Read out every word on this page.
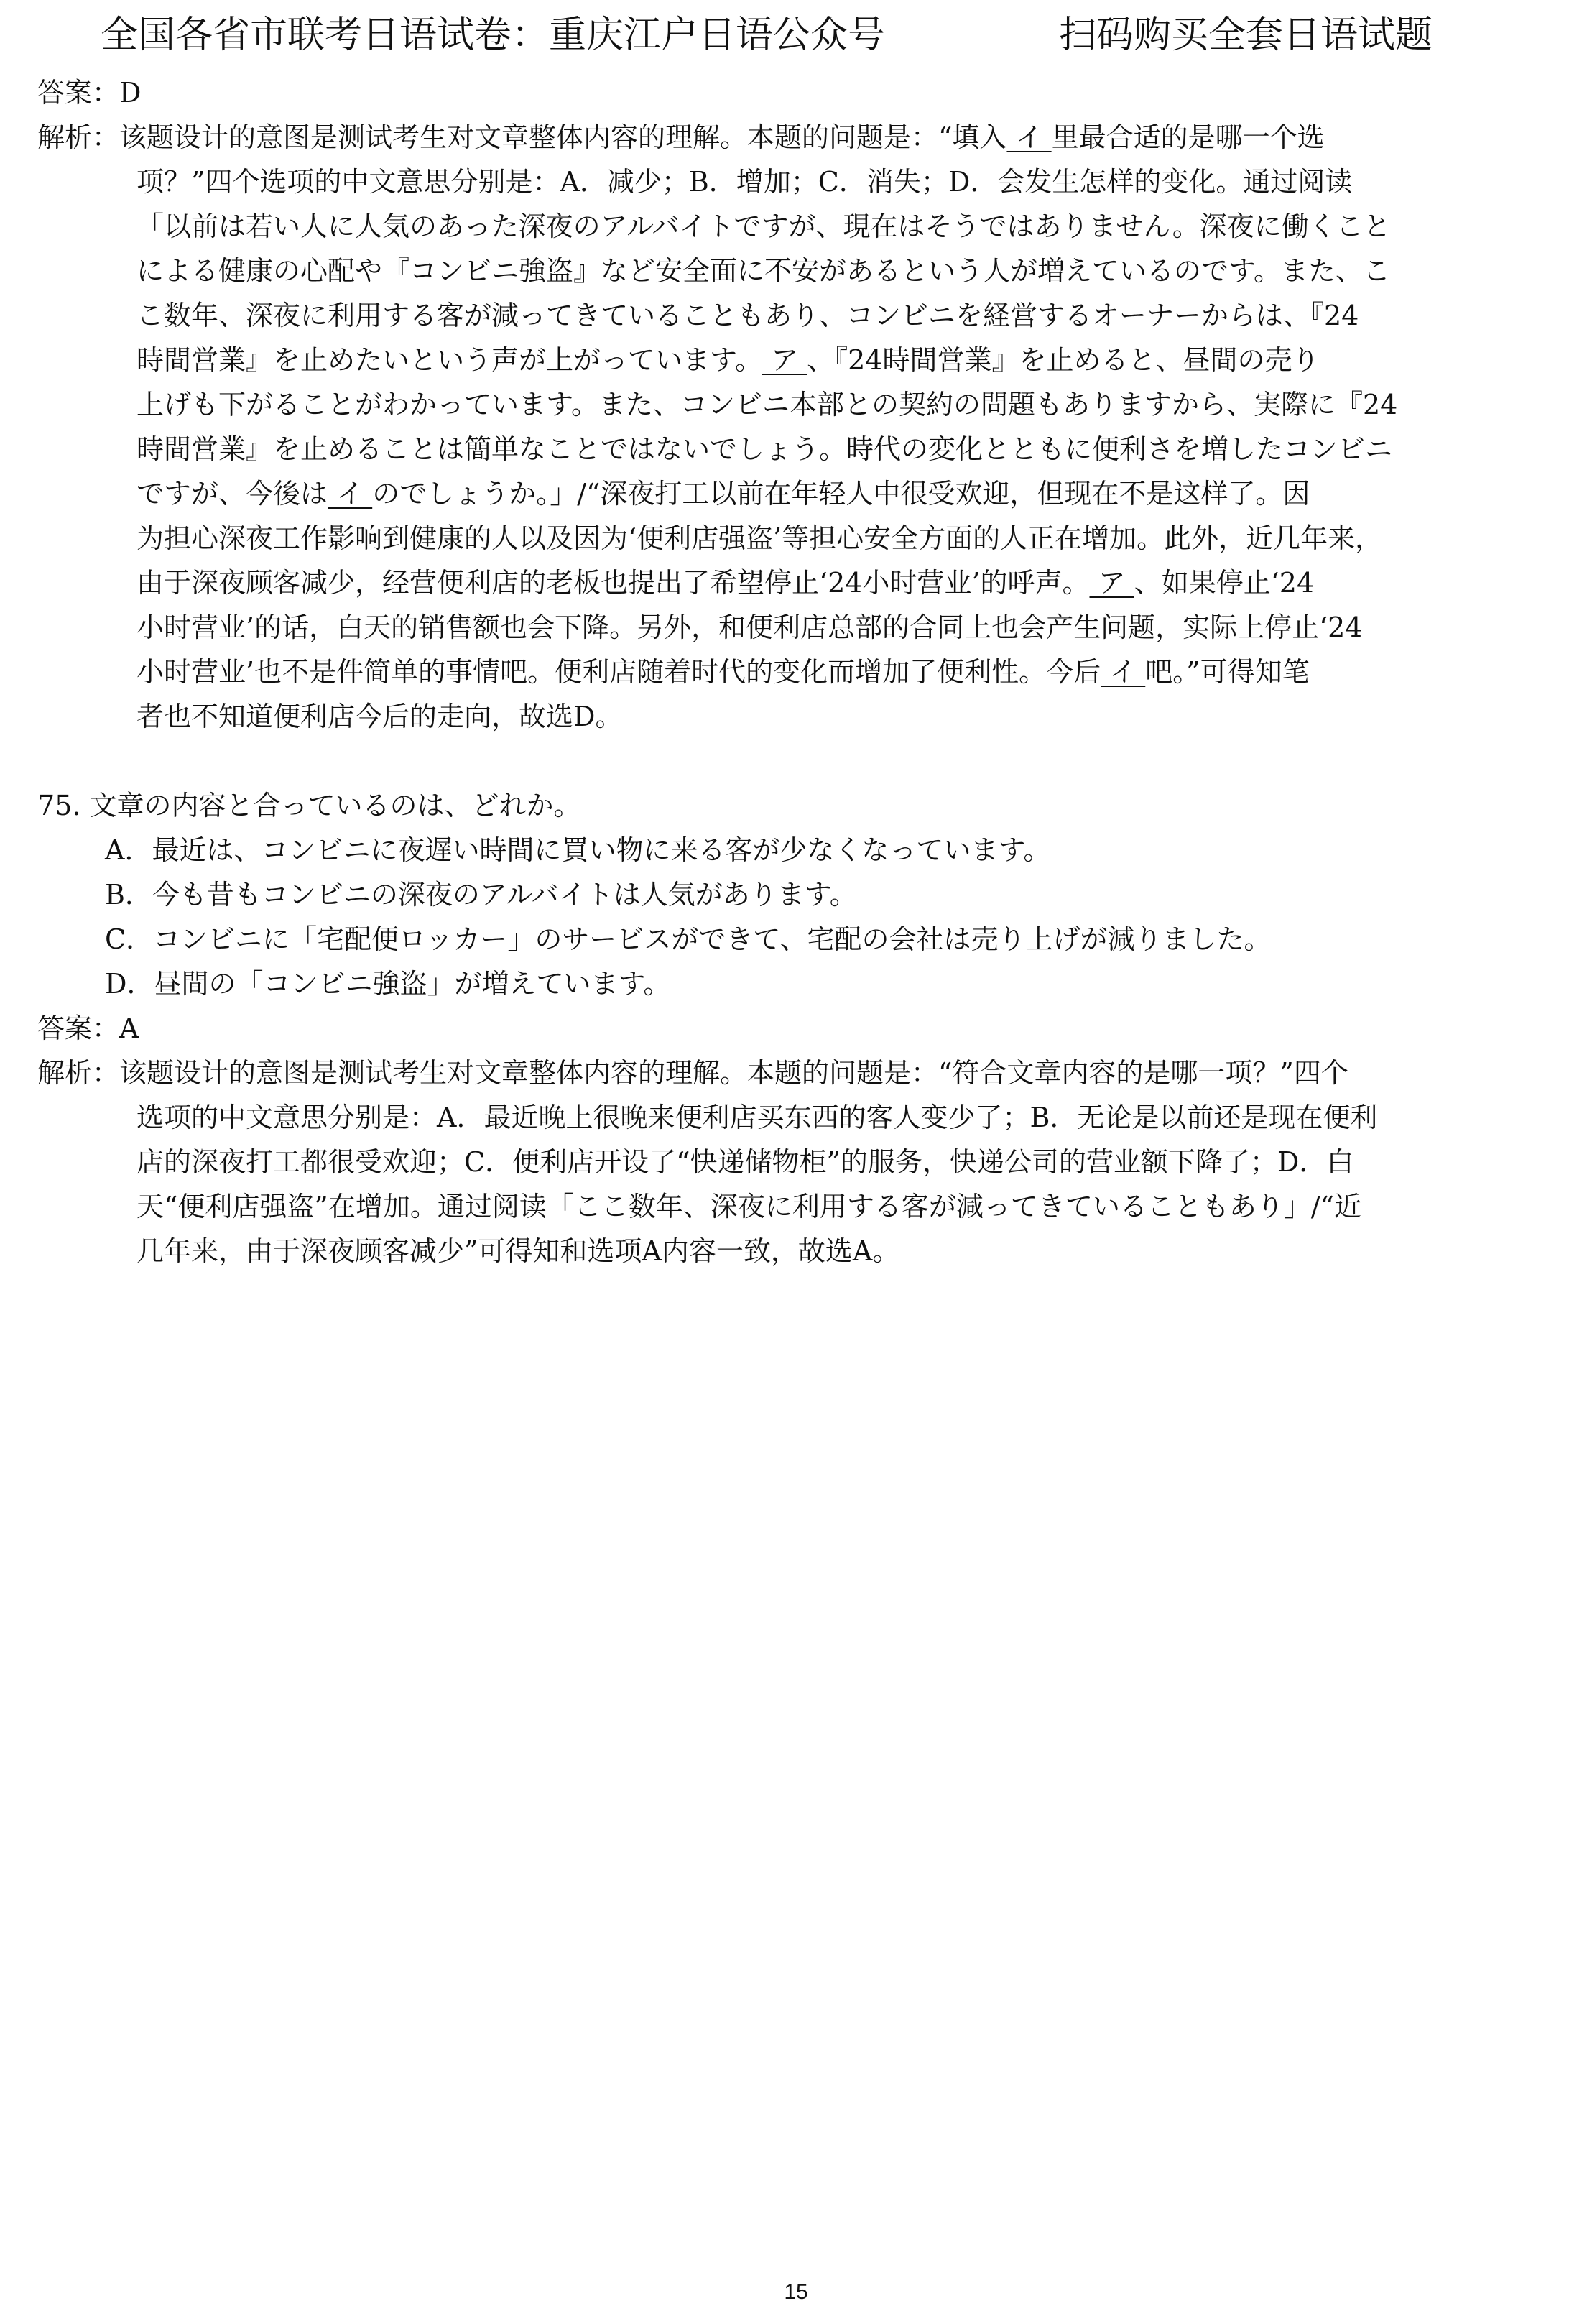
全国各省市联考日语试卷：重庆江户日语公众号	扫码购买全套日语试题
答案：D
解析：该题设计的意图是测试考生对文章整体内容的理解。本题的问题是：“填入 イ 里最合适的是哪一个选
项？”四个选项的中文意思分别是：A．减少；B．增加；C．消失；D．会发生怎样的变化。通过阅读
「以前は若い人に人気のあった深夜のアルバイトですが、現在はそうではありません。深夜に働くこと
による健康の心配や『コンビニ強盗』など安全面に不安があるという人が増えているのです。また、こ
こ数年、深夜に利用する客が減ってきていることもあり、コンビニを経営するオーナーからは、『24
時間営業』を止めたいという声が上がっています。 ア 、『24時間営業』を止めると、昼間の売り
上げも下がることがわかっています。また、コンビニ本部との契約の問題もありますから、実際に『24
時間営業』を止めることは簡単なことではないでしょう。時代の変化とともに便利さを増したコンビニ
ですが、今後は イ のでしょうか。」/“深夜打工以前在年轻人中很受欢迎，但现在不是这样了。因
为担心深夜工作影响到健康的人以及因为‘便利店强盗’等担心安全方面的人正在增加。此外，近几年来，
由于深夜顾客减少，经营便利店的老板也提出了希望停止‘24小时营业’的呼声。 ア 、如果停止‘24
小时营业’的话，白天的销售额也会下降。另外，和便利店总部的合同上也会产生问题，实际上停止‘24
小时营业’也不是件简单的事情吧。便利店随着时代的变化而增加了便利性。今后 イ 吧。”可得知笔
者也不知道便利店今后的走向，故选D。
75. 文章の内容と合っているのは、どれか。
A．最近は、コンビニに夜遅い時間に買い物に来る客が少なくなっています。
B．今も昔もコンビニの深夜のアルバイトは人気があります。
C．コンビニに「宅配便ロッカー」のサービスができて、宅配の会社は売り上げが減りました。
D．昼間の「コンビニ強盗」が増えています。
答案：A
解析：该题设计的意图是测试考生对文章整体内容的理解。本题的问题是：“符合文章内容的是哪一项？”四个
选项的中文意思分别是：A．最近晚上很晚来便利店买东西的客人变少了；B．无论是以前还是现在便利
店的深夜打工都很受欢迎；C．便利店开设了“快递储物柜”的服务，快递公司的营业额下降了；D．白
天“便利店强盗”在增加。通过阅读「ここ数年、深夜に利用する客が減ってきていることもあり」/“近
几年来，由于深夜顾客减少”可得知和选项A内容一致，故选A。
15
